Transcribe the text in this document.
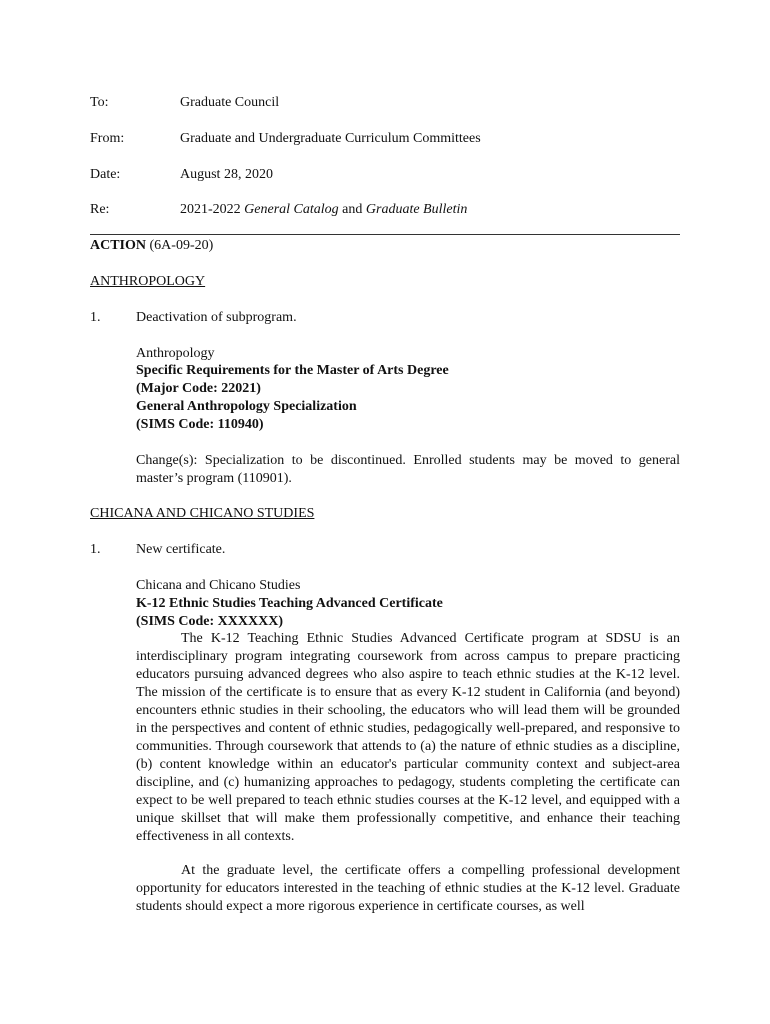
To:	Graduate Council
From:	Graduate and Undergraduate Curriculum Committees
Date:	August 28, 2020
Re:	2021-2022 General Catalog and Graduate Bulletin
ACTION (6A-09-20)
ANTHROPOLOGY
1.	Deactivation of subprogram.
Anthropology
Specific Requirements for the Master of Arts Degree
(Major Code: 22021)
General Anthropology Specialization
(SIMS Code: 110940)

Change(s): Specialization to be discontinued. Enrolled students may be moved to general master’s program (110901).

CHICANA AND CHICANO STUDIES
1.	New certificate.
Chicana and Chicano Studies
K-12 Ethnic Studies Teaching Advanced Certificate
(SIMS Code: XXXXXX)

The K-12 Teaching Ethnic Studies Advanced Certificate program at SDSU is an interdisciplinary program integrating coursework from across campus to prepare practicing educators pursuing advanced degrees who also aspire to teach ethnic studies at the K-12 level. The mission of the certificate is to ensure that as every K-12 student in California (and beyond) encounters ethnic studies in their schooling, the educators who will lead them will be grounded in the perspectives and content of ethnic studies, pedagogically well-prepared, and responsive to communities. Through coursework that attends to (a) the nature of ethnic studies as a discipline, (b) content knowledge within an educator's particular community context and subject-area discipline, and (c) humanizing approaches to pedagogy, students completing the certificate can expect to be well prepared to teach ethnic studies courses at the K-12 level, and equipped with a unique skillset that will make them professionally competitive, and enhance their teaching effectiveness in all contexts.

At the graduate level, the certificate offers a compelling professional development opportunity for educators interested in the teaching of ethnic studies at the K-12 level. Graduate students should expect a more rigorous experience in certificate courses, as well
